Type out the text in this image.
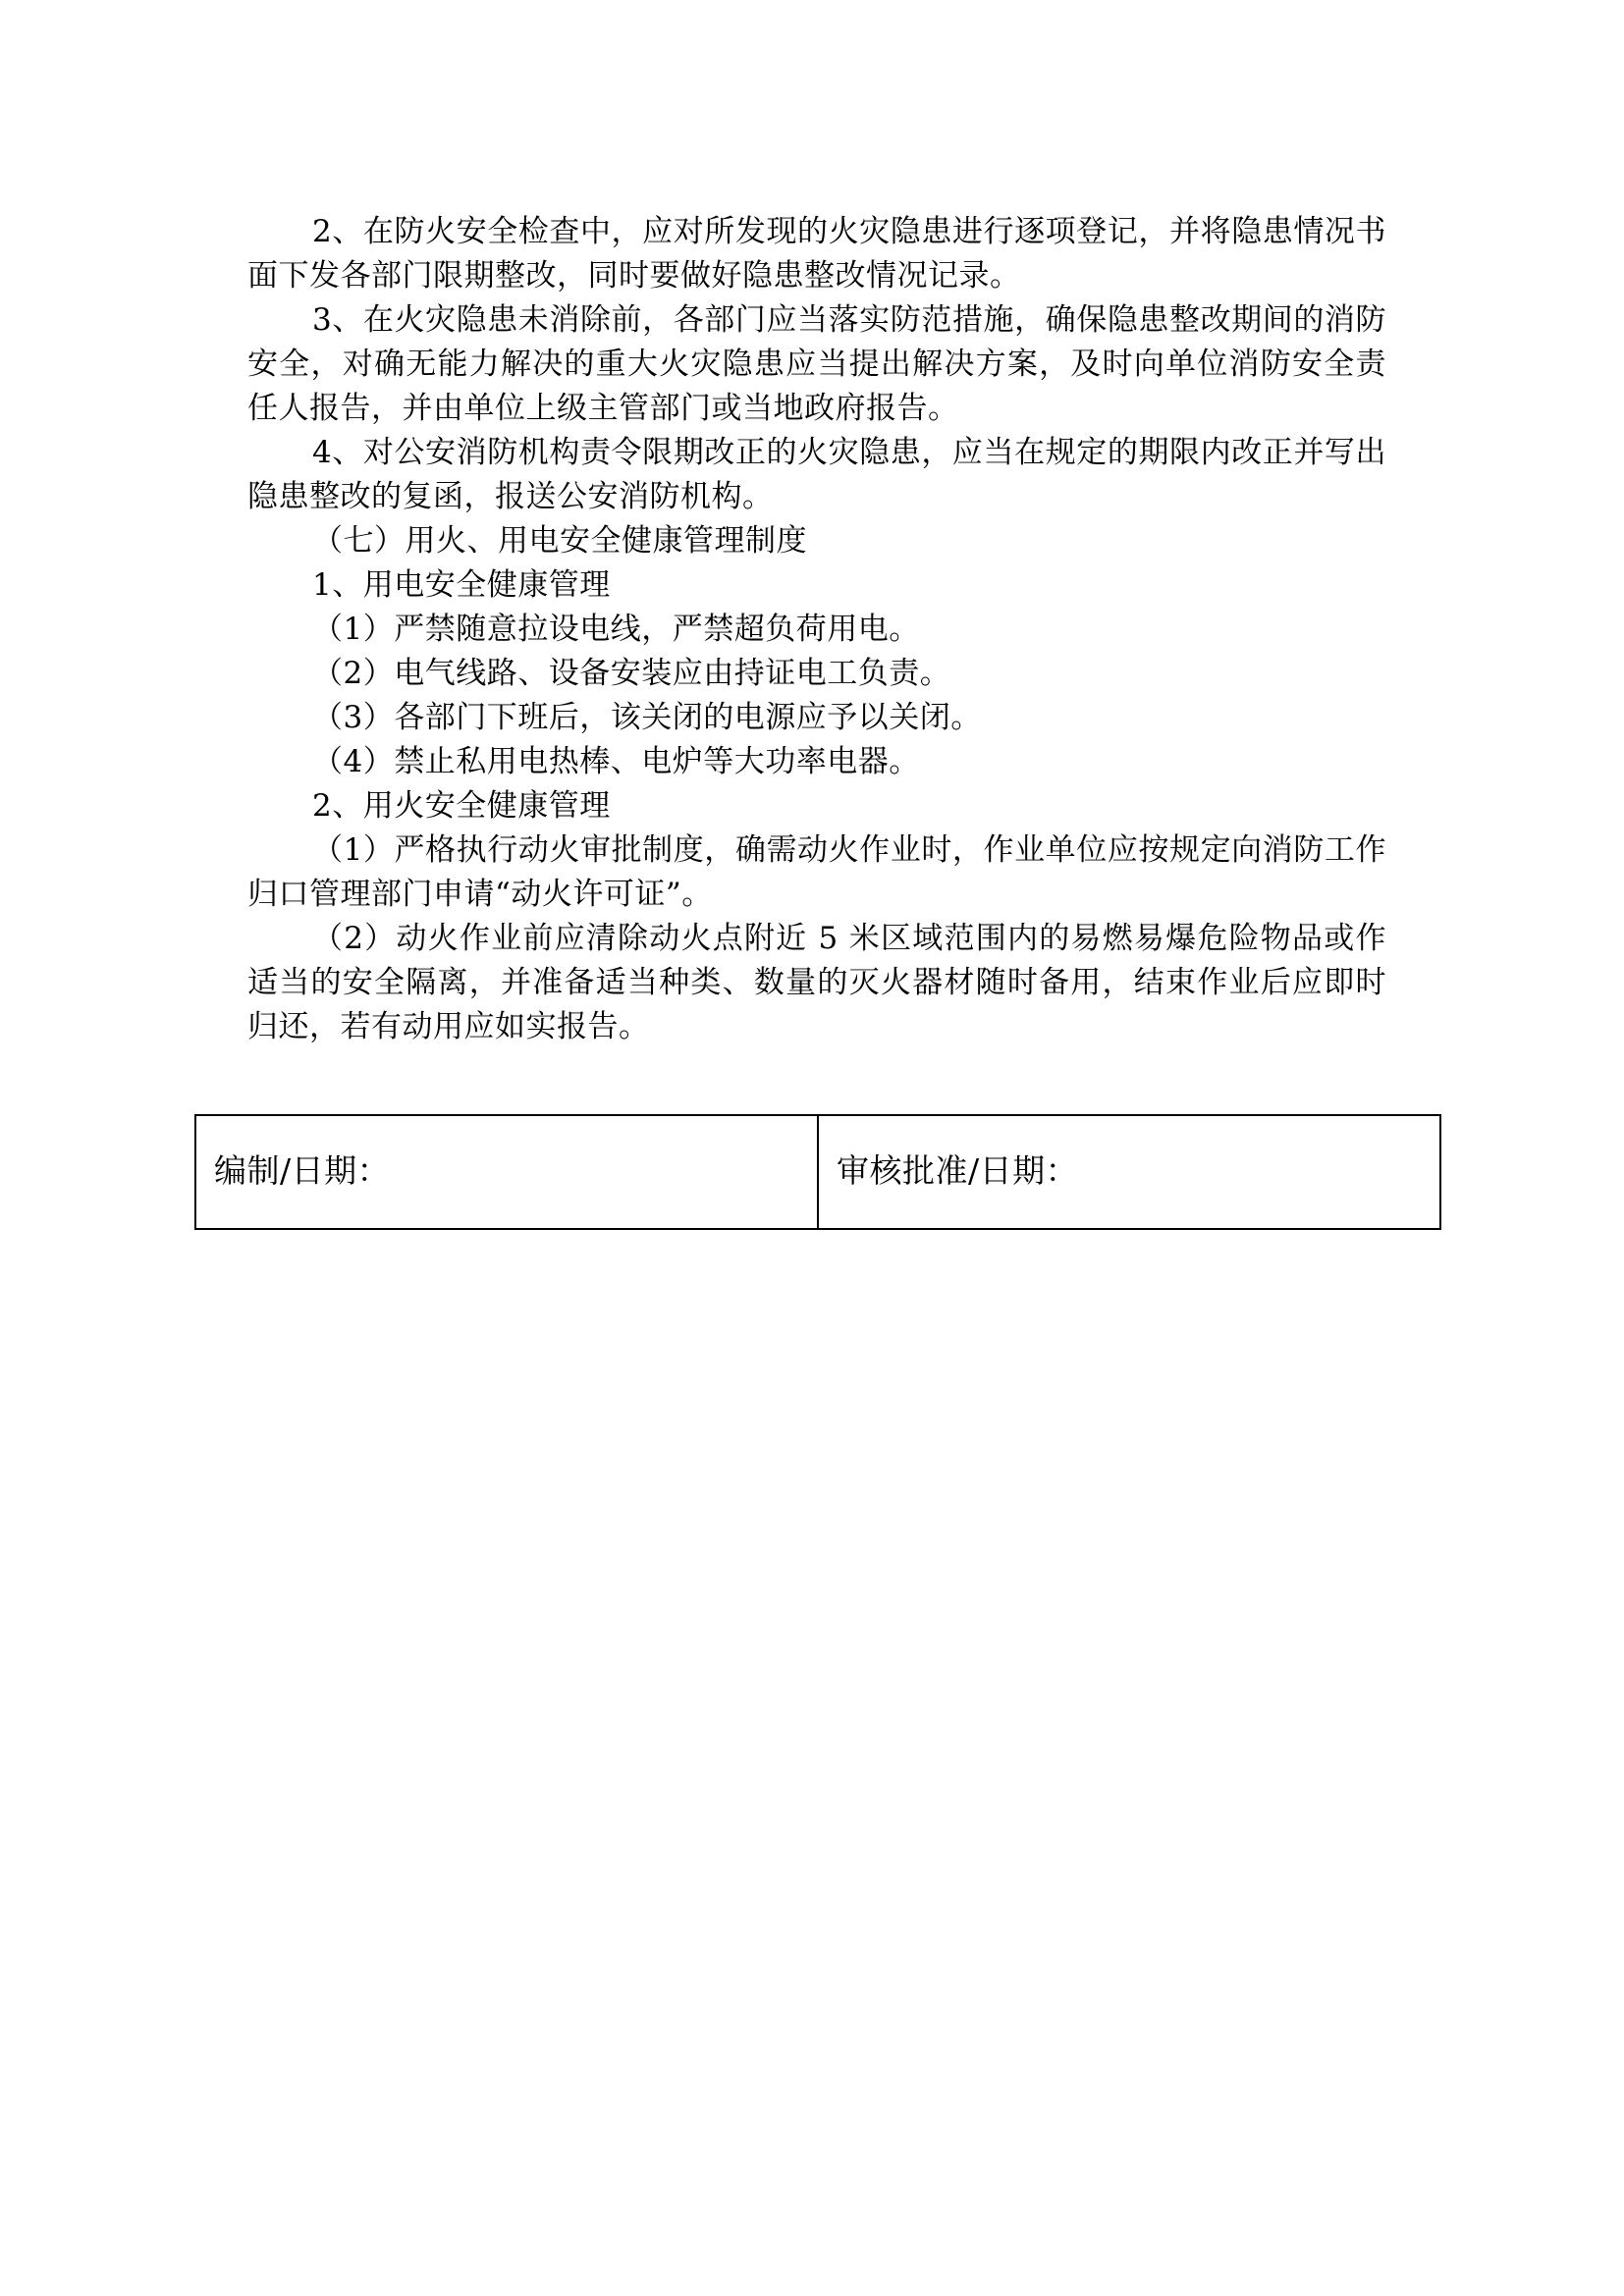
2、在防火安全检查中，应对所发现的火灾隐患进行逐项登记，并将隐患情况书面下发各部门限期整改，同时要做好隐患整改情况记录。

3、在火灾隐患未消除前，各部门应当落实防范措施，确保隐患整改期间的消防安全，对确无能力解决的重大火灾隐患应当提出解决方案，及时向单位消防安全责任人报告，并由单位上级主管部门或当地政府报告。

4、对公安消防机构责令限期改正的火灾隐患，应当在规定的期限内改正并写出隐患整改的复函，报送公安消防机构。

（七）用火、用电安全健康管理制度

1、用电安全健康管理

（1）严禁随意拉设电线，严禁超负荷用电。

（2）电气线路、设备安装应由持证电工负责。

（3）各部门下班后，该关闭的电源应予以关闭。

（4）禁止私用电热棒、电炉等大功率电器。

2、用火安全健康管理

（1）严格执行动火审批制度，确需动火作业时，作业单位应按规定向消防工作归口管理部门申请“动火许可证”。

（2）动火作业前应清除动火点附近 5 米区域范围内的易燃易爆危险物品或作适当的安全隔离，并准备适当种类、数量的灭火器材随时备用，结束作业后应即时归还，若有动用应如实报告。

编制/日期：	审核批准/日期：
